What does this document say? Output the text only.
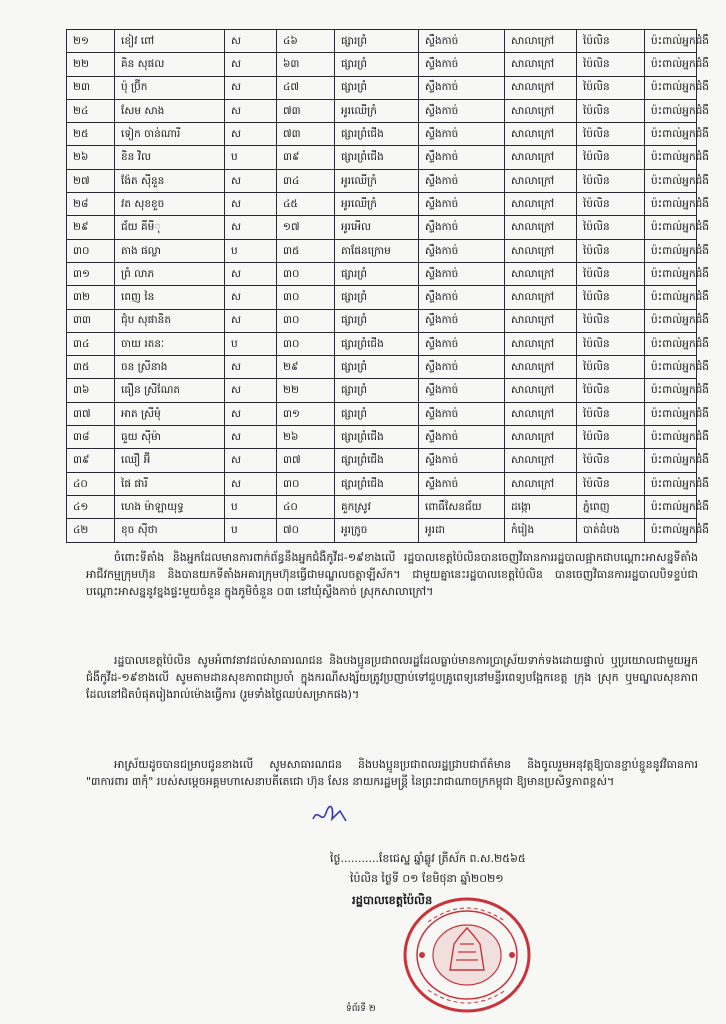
២១	ខៀវ ពៅ	ស	៤៦	ផ្សារព្រំ	ស្ទឹងកាច់	សាលាក្រៅ	ប៉ៃលិន	ប៉ះពាល់អ្នកជំងឺ
២២	គិន សុផល	ស	៦៣	ផ្សារព្រំ	ស្ទឹងកាច់	សាលាក្រៅ	ប៉ៃលិន	ប៉ះពាល់អ្នកជំងឺ
២៣	ប៉ុ ប្រ៊ីក	ស	៤៧	ផ្សារព្រំ	ស្ទឹងកាច់	សាលាក្រៅ	ប៉ៃលិន	ប៉ះពាល់អ្នកជំងឺ
២៤	សែម សាង	ស	៧៣	អូរឈើក្រំ	ស្ទឹងកាច់	សាលាក្រៅ	ប៉ៃលិន	ប៉ះពាល់អ្នកជំងឺ
២៥	ទៀក ចាន់ណារី	ស	៧៣	ផ្សារព្រំជើង	ស្ទឹងកាច់	សាលាក្រៅ	ប៉ៃលិន	ប៉ះពាល់អ្នកជំងឺ
២៦	ខិន វិល	ប	៣៩	ផ្សារព្រំជើង	ស្ទឹងកាច់	សាលាក្រៅ	ប៉ៃលិន	ប៉ះពាល់អ្នកជំងឺ
២៧	ង៉ែត ស៊ីនួន	ស	៣៤	អូរឈើក្រំ	ស្ទឹងកាច់	សាលាក្រៅ	ប៉ៃលិន	ប៉ះពាល់អ្នកជំងឺ
២៨	វត សុខខួច	ស	៤៥	អូរឈើក្រំ	ស្ទឹងកាច់	សាលាក្រៅ	ប៉ៃលិន	ប៉ះពាល់អ្នកជំងឺ
២៩	ជ័យ គីមីុ	ស	១៧	អូរអើល	ស្ទឹងកាច់	សាលាក្រៅ	ប៉ៃលិន	ប៉ះពាល់អ្នកជំងឺ
៣០	តាង ផល្លា	ប	៣៥	តាផែនក្រោម	ស្ទឹងកាច់	សាលាក្រៅ	ប៉ៃលិន	ប៉ះពាល់អ្នកជំងឺ
៣១	ព្រំ លាភ	ស	៣០	ផ្សារព្រំ	ស្ទឹងកាច់	សាលាក្រៅ	ប៉ៃលិន	ប៉ះពាល់អ្នកជំងឺ
៣២	ពេញ នៃ	ស	៣០	ផ្សារព្រំ	ស្ទឹងកាច់	សាលាក្រៅ	ប៉ៃលិន	ប៉ះពាល់អ្នកជំងឺ
៣៣	ជុំប សុផានិត	ស	៣០	ផ្សារព្រំ	ស្ទឹងកាច់	សាលាក្រៅ	ប៉ៃលិន	ប៉ះពាល់អ្នកជំងឺ
៣៤	ចាយ រតនៈ	ប	៣០	ផ្សារព្រំជើង	ស្ទឹងកាច់	សាលាក្រៅ	ប៉ៃលិន	ប៉ះពាល់អ្នកជំងឺ
៣៥	ចន ស្រីនាង	ស	២៩	ផ្សារព្រំ	ស្ទឹងកាច់	សាលាក្រៅ	ប៉ៃលិន	ប៉ះពាល់អ្នកជំងឺ
៣៦	ធឿន ស្រីណែត	ស	២២	ផ្សារព្រំ	ស្ទឹងកាច់	សាលាក្រៅ	ប៉ៃលិន	ប៉ះពាល់អ្នកជំងឺ
៣៧	អាត ស្រីមុំ	ស	៣១	ផ្សារព្រំ	ស្ទឹងកាច់	សាលាក្រៅ	ប៉ៃលិន	ប៉ះពាល់អ្នកជំងឺ
៣៨	ធួយ ស៊ីម៉ា	ស	២៦	ផ្សារព្រំជើង	ស្ទឹងកាច់	សាលាក្រៅ	ប៉ៃលិន	ប៉ះពាល់អ្នកជំងឺ
៣៩	ឈឿ អ៊ី	ស	៣៧	ផ្សារព្រំជើង	ស្ទឹងកាច់	សាលាក្រៅ	ប៉ៃលិន	ប៉ះពាល់អ្នកជំងឺ
៤០	ផៃ ផារី	ស	៣០	ផ្សារព្រំជើង	ស្ទឹងកាច់	សាលាក្រៅ	ប៉ៃលិន	ប៉ះពាល់អ្នកជំងឺ
៤១	ហេង ម៉ាឡាយុទ្ធ	ប	៤០	គួកស្រូវ	ពោធិ៍សែនជ័យ	ដង្កោ	ភ្នំពេញ	ប៉ះពាល់អ្នកជំងឺ
៤២	ខុច ស៊ីថា	ប	៧០	អូរក្រូច	អូរដា	កំរៀង	បាត់ដំបង	ប៉ះពាល់អ្នកជំងឺ

ចំពោះទីតាំង និងអ្នកដែលមានការពាក់ព័ន្ធនឹងអ្នកជំងឺកូវីដ-១៩ខាងលើ រដ្ឋបាលខេត្តប៉ៃលិនបានចេញវិធានការរដ្ឋបាលផ្អាកជាបណ្ដោះអាសន្នទីតាំងអាជីវកម្មក្រុមហ៊ុន និងបានយកទីតាំងអគារក្រុមហ៊ុនធ្វើជាមណ្ឌលចត្តាឡីស័ក។ ជាមួយគ្នានេះរដ្ឋបាលខេត្តប៉ៃលិន បានចេញវិធានការរដ្ឋបាលបិទខ្ទប់ជាបណ្ដោះអាសន្ននូវខ្នងផ្ទះមួយចំនួន ក្នុងភូមិចំនួន ០៣ នៅឃុំស្ទឹងកាច់ ស្រុកសាលាក្រៅ។

រដ្ឋបាលខេត្តប៉ៃលិន សូមអំពាវនាវដល់សាធារណជន និងបងប្អូនប្រជាពលរដ្ឋដែលធ្លាប់មានការប្រាស្រ័យទាក់ទងដោយផ្ទាល់ ឬប្រយោលជាមួយអ្នកជំងឺកូវីដ-១៩ខាងលើ សូមតាមដានសុខភាពជាប្រចាំ ក្នុងករណីសង្ស័យត្រូវប្រញាប់ទៅជួបគ្រូពេទ្យនៅមន្ទីរពេទ្យបង្អែកខេត្ត ក្រុង ស្រុក ឬមណ្ឌលសុខភាពដែលនៅជិតបំផុតរៀងរាល់ម៉ោងធ្វើការ (រួមទាំងថ្ងៃឈប់សម្រាកផង)។

អាស្រ័យដូចបានជម្រាបជូនខាងលើ សូមសាធារណជន និងបងប្អូនប្រជាពលរដ្ឋជ្រាបជាព័ត៌មាន និងចូលរួមអនុវត្តឱ្យបានខ្ជាប់ខ្ជួននូវវិធានការ "៣ការពារ ៣កុំ" របស់សម្ដេចអគ្គមហាសេនាបតីតេជោ ហ៊ុន សែន នាយករដ្ឋមន្ត្រី នៃព្រះរាជាណាចក្រកម្ពុជា ឱ្យមានប្រសិទ្ធភាពខ្ពស់។

ថ្ងៃ...........ខែជេស្ឋ ឆ្នាំឆ្លូវ ត្រីស័ក ព.ស.២៥៦៥
ប៉ៃលិន ថ្ងៃទី ០១ ខែមិថុនា ឆ្នាំ២០២១
រដ្ឋបាលខេត្តប៉ៃលិន
ទំព័រទី ២
